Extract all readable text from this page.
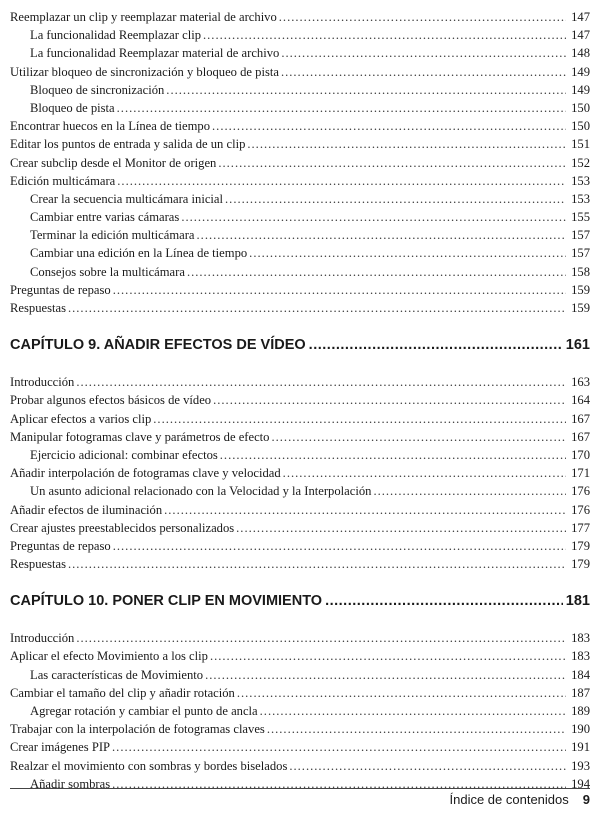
Reemplazar un clip y reemplazar material de archivo .....	147
La funcionalidad Reemplazar clip .....	147
La funcionalidad Reemplazar material de archivo .....	148
Utilizar bloqueo de sincronización y bloqueo de pista .....	149
Bloqueo de sincronización .....	149
Bloqueo de pista .....	150
Encontrar huecos en la Línea de tiempo .....	150
Editar los puntos de entrada y salida de un clip .....	151
Crear subclip desde el Monitor de origen .....	152
Edición multicámara .....	153
Crear la secuencia multicámara inicial .....	153
Cambiar entre varias cámaras .....	155
Terminar la edición multicámara .....	157
Cambiar una edición en la Línea de tiempo .....	157
Consejos sobre la multicámara .....	158
Preguntas de repaso .....	159
Respuestas .....	159
CAPÍTULO 9. AÑADIR EFECTOS DE VÍDEO .....	161
Introducción .....	163
Probar algunos efectos básicos de vídeo .....	164
Aplicar efectos a varios clip .....	167
Manipular fotogramas clave y parámetros de efecto .....	167
Ejercicio adicional: combinar efectos .....	170
Añadir interpolación de fotogramas clave y velocidad .....	171
Un asunto adicional relacionado con la Velocidad y la Interpolación .....	176
Añadir efectos de iluminación .....	176
Crear ajustes preestablecidos personalizados .....	177
Preguntas de repaso .....	179
Respuestas .....	179
CAPÍTULO 10. PONER CLIP EN MOVIMIENTO .....	181
Introducción .....	183
Aplicar el efecto Movimiento a los clip .....	183
Las características de Movimiento .....	184
Cambiar el tamaño del clip y añadir rotación .....	187
Agregar rotación y cambiar el punto de ancla .....	189
Trabajar con la interpolación de fotogramas claves .....	190
Crear imágenes PIP .....	191
Realzar el movimiento con sombras y bordes biselados .....	193
Añadir sombras .....	194
Índice de contenidos 9
